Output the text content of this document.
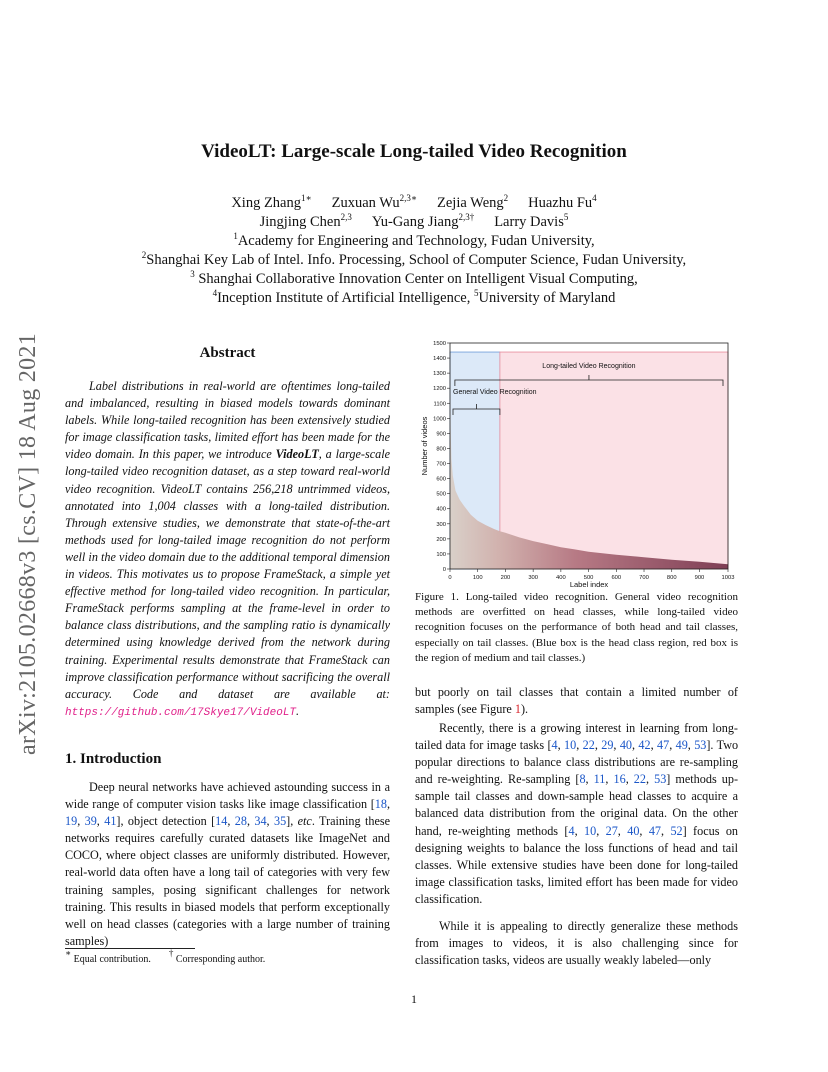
arXiv:2105.02668v3 [cs.CV] 18 Aug 2021
VideoLT: Large-scale Long-tailed Video Recognition
Xing Zhang$^{1∗}$ Zuxuan $Wu^{2,3∗}$ Zejia Weng$^2$ Huazhu Fu$^4$
Jingjing Chen$^{2,3}$ Yu-Gang Jiang$^{2,3\dagger}$ Larry Davis$^5$
$^1$Academy for Engineering and Technology, Fudan University,
$^2$Shanghai Key Lab of Intel. Info. Processing, School of Computer Science, Fudan University,
$^3$ Shanghai Collaborative Innovation Center on Intelligent Visual Computing,
$^4$Inception Institute of Artificial Intelligence, $^5$University of Maryland
Abstract
Label distributions in real-world are oftentimes long-tailed and imbalanced, resulting in biased models towards dominant labels. While long-tailed recognition has been extensively studied for image classification tasks, limited effort has been made for the video domain. In this paper, we introduce VideoLT, a large-scale long-tailed video recognition dataset, as a step toward real-world video recognition. VideoLT contains 256,218 untrimmed videos, annotated into 1,004 classes with a long-tailed distribution. Through extensive studies, we demonstrate that state-of-the-art methods used for long-tailed image recognition do not perform well in the video domain due to the additional temporal dimension in videos. This motivates us to propose FrameStack, a simple yet effective method for long-tailed video recognition. In particular, FrameStack performs sampling at the frame-level in order to balance class distributions, and the sampling ratio is dynamically determined using knowledge derived from the network during training. Experimental results demonstrate that FrameStack can improve classification performance without sacrificing the overall accuracy. Code and dataset are available at: https://github.com/17Skye17/VideoLT.
1. Introduction
Deep neural networks have achieved astounding success in a wide range of computer vision tasks like image classification [18, 19, 39, 41], object detection [14, 28, 34, 35], etc. Training these networks requires carefully curated datasets like ImageNet and COCO, where object classes are uniformly distributed. However, real-world data often have a long tail of categories with very few training samples, posing significant challenges for network training. This results in biased models that perform exceptionally well on head classes (categories with a large number of training samples)
∗ Equal contribution.† Corresponding author.
0
100
200
300
400
500
600
700
800
900
1000
1100
1200
1300
1400
1500
0	100	200	300	400	500	600	700	800	900	1003
Label index
Number of videos
Long-tailed Video Recognition
General Video Recognition
Figure 1. Long-tailed video recognition. General video recognition methods are overfitted on head classes, while long-tailed video recognition focuses on the performance of both head and tail classes, especially on tail classes. (Blue box is the head class region, red box is the region of medium and tail classes.)
but poorly on tail classes that contain a limited number of samples (see Figure 1).
Recently, there is a growing interest in learning from long-tailed data for image tasks [4, 10, 22, 29, 40, 42, 47, 49, 53]. Two popular directions to balance class distributions are re-sampling and re-weighting. Re-sampling [8, 11, 16, 22, 53] methods up-sample tail classes and down-sample head classes to acquire a balanced data distribution from the original data. On the other hand, re-weighting methods [4, 10, 27, 40, 47, 52] focus on designing weights to balance the loss functions of head and tail classes. While extensive studies have been done for long-tailed image classification tasks, limited effort has been made for video classification.
While it is appealing to directly generalize these methods from images to videos, it is also challenging since for classification tasks, videos are usually weakly labeled—only
1
